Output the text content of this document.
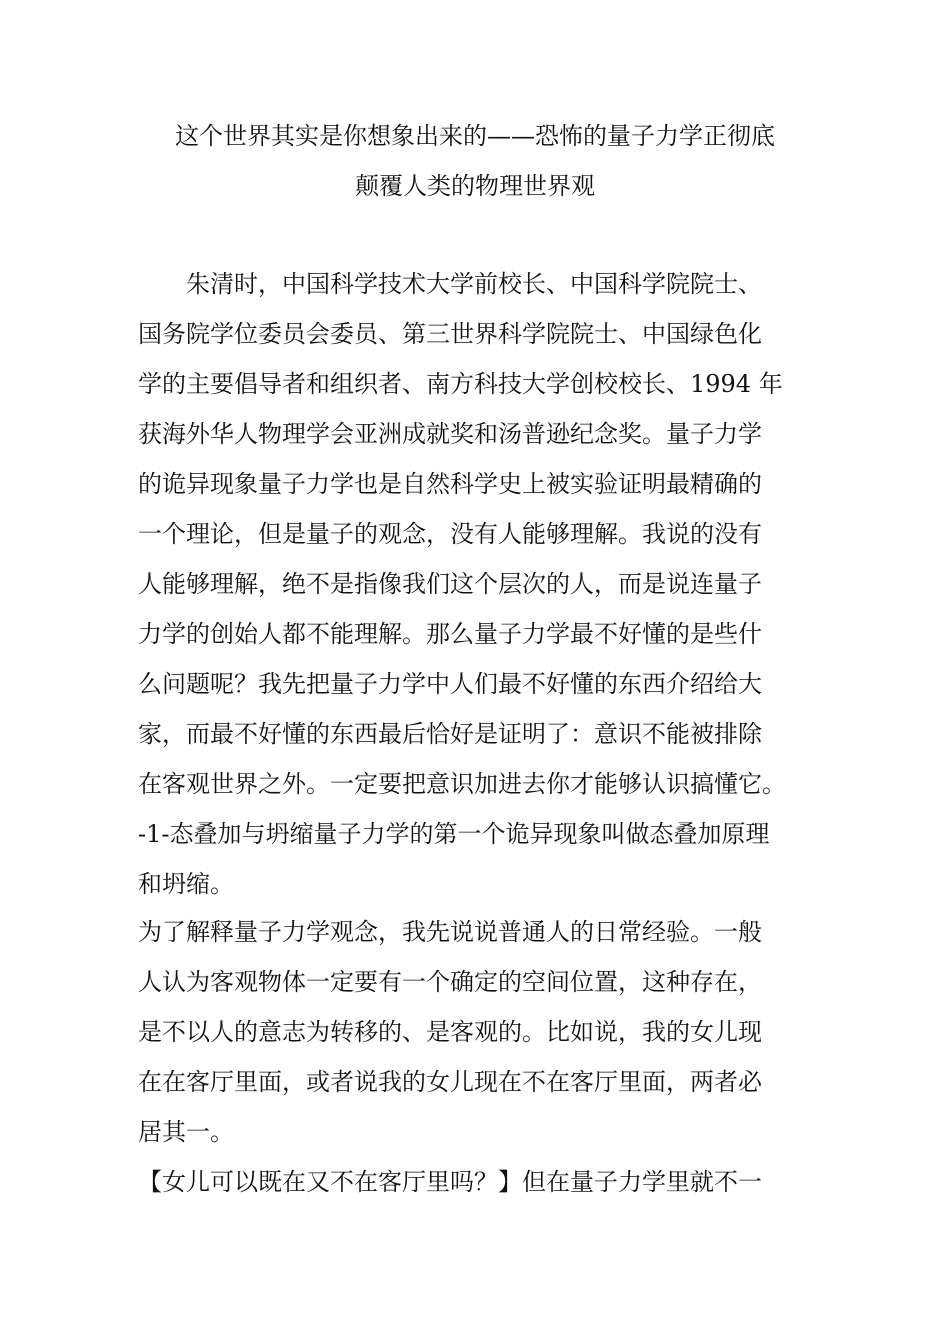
这个世界其实是你想象出来的——恐怖的量子力学正彻底
颠覆人类的物理世界观
朱清时，中国科学技术大学前校长、中国科学院院士、
国务院学位委员会委员、第三世界科学院院士、中国绿色化
学的主要倡导者和组织者、南方科技大学创校校长、1994 年
获海外华人物理学会亚洲成就奖和汤普逊纪念奖。量子力学
的诡异现象量子力学也是自然科学史上被实验证明最精确的
一个理论，但是量子的观念，没有人能够理解。我说的没有
人能够理解，绝不是指像我们这个层次的人，而是说连量子
力学的创始人都不能理解。那么量子力学最不好懂的是些什
么问题呢？我先把量子力学中人们最不好懂的东西介绍给大
家，而最不好懂的东西最后恰好是证明了：意识不能被排除
在客观世界之外。一定要把意识加进去你才能够认识搞懂它。
-1-态叠加与坍缩量子力学的第一个诡异现象叫做态叠加原理
和坍缩。
为了解释量子力学观念，我先说说普通人的日常经验。一般
人认为客观物体一定要有一个确定的空间位置，这种存在，
是不以人的意志为转移的、是客观的。比如说，我的女儿现
在在客厅里面，或者说我的女儿现在不在客厅里面，两者必
居其一。
【女儿可以既在又不在客厅里吗？】但在量子力学里就不一
